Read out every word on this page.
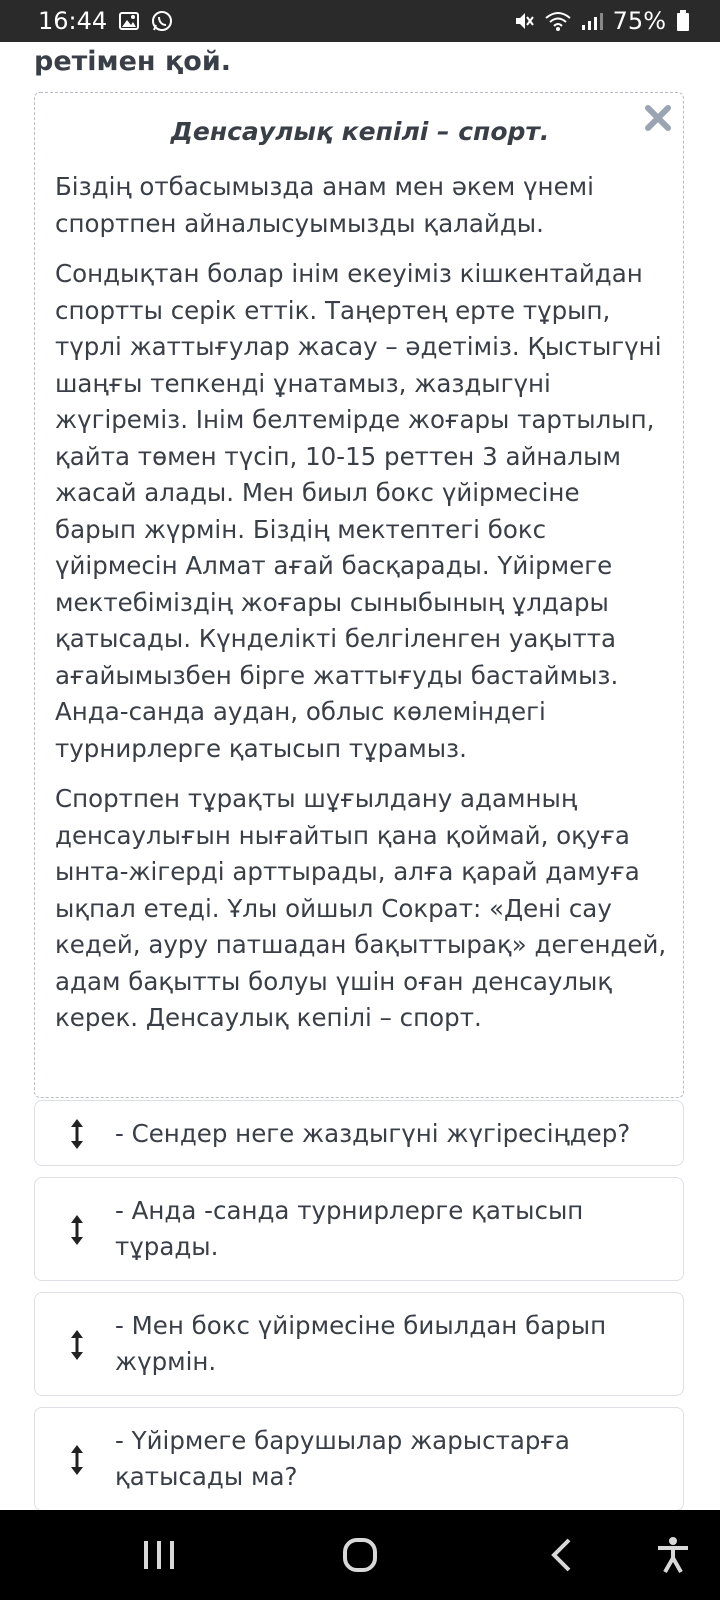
16:44	75%
ретімен қой.
Денсаулық кепілі – спорт.

Біздің отбасымызда анам мен әкем үнемі спортпен айналысуымызды қалайды.

Сондықтан болар інім екеуіміз кішкентайдан спортты серік еттік. Таңертең ерте тұрып, түрлі жаттығулар жасау – әдетіміз. Қыстыгүні шаңғы тепкенді ұнатамыз, жаздыгүні жүгіреміз. Інім белтемірде жоғары тартылып, қайта төмен түсіп, 10-15 реттен 3 айналым жасай алады. Мен биыл бокс үйірмесіне барып жүрмін. Біздің мектептегі бокс үйірмесін Алмат ағай басқарады. Үйірмеге мектебіміздің жоғары сыныбының ұлдары қатысады. Күнделікті белгіленген уақытта ағайымызбен бірге жаттығуды бастаймыз. Анда-санда аудан, облыс көлеміндегі турнирлерге қатысып тұрамыз.

Спортпен тұрақты шұғылдану адамның денсаулығын нығайтып қана қоймай, оқуға ынта-жігерді арттырады, алға қарай дамуға ықпал етеді. Ұлы ойшыл Сократ: «Дені сау кедей, ауру патшадан бақыттырақ» дегендей, адам бақытты болуы үшін оған денсаулық керек. Денсаулық кепілі – спорт.

- Сендер неге жаздыгүні жүгіресіңдер?
- Анда -санда турнирлерге қатысып тұрады.
- Мен бокс үйірмесіне биылдан барып жүрмін.
- Үйірмеге барушылар жарыстарға қатысады ма?
